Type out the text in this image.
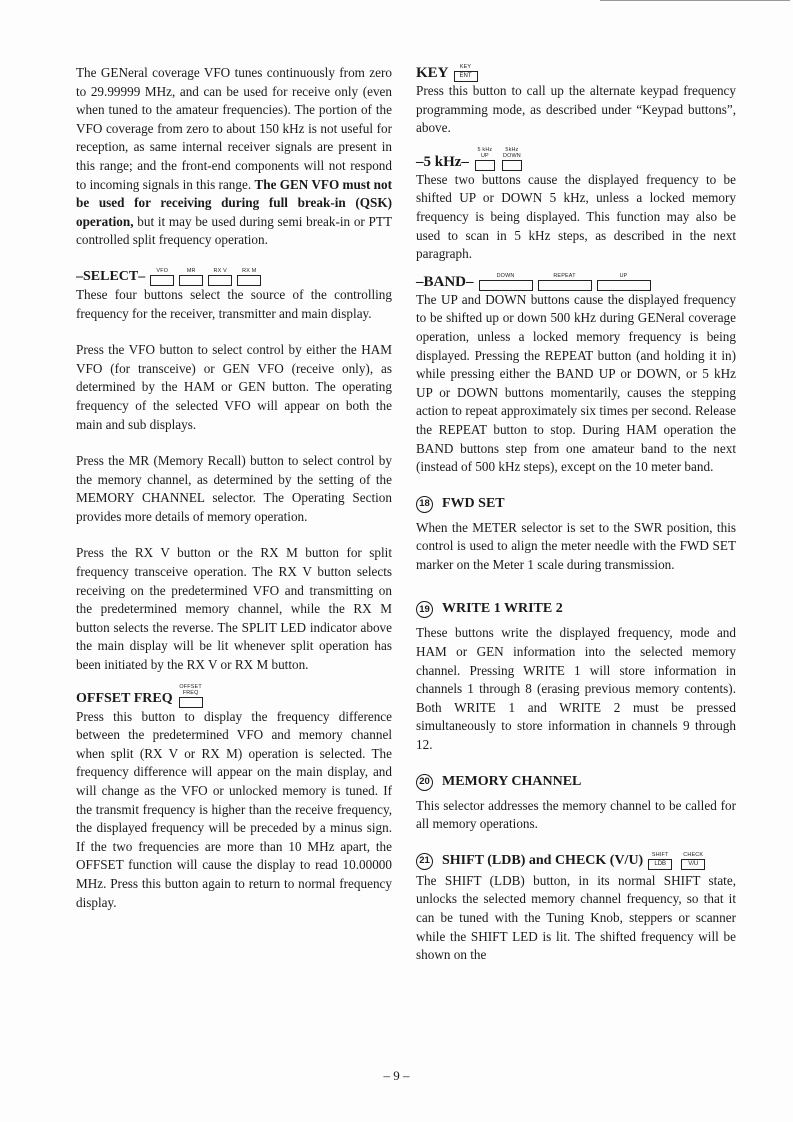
The GENeral coverage VFO tunes continuously from zero to 29.99999 MHz, and can be used for receive only (even when tuned to the amateur frequencies). The portion of the VFO coverage from zero to about 150 kHz is not useful for reception, as same internal receiver signals are present in this range; and the front-end components will not respond to incoming signals in this range. The GEN VFO must not be used for receiving during full break-in (QSK) operation, but it may be used during semi break-in or PTT controlled split frequency operation.

–SELECT– VFO	MR	RX V	RX M

These four buttons select the source of the controlling frequency for the receiver, transmitter and main display.

Press the VFO button to select control by either the HAM VFO (for transceive) or GEN VFO (receive only), as determined by the HAM or GEN button. The operating frequency of the selected VFO will appear on both the main and sub displays.

Press the MR (Memory Recall) button to select control by the memory channel, as determined by the setting of the MEMORY CHANNEL selector. The Operating Section provides more details of memory operation.

Press the RX V button or the RX M button for split frequency transceive operation. The RX V button selects receiving on the predetermined VFO and transmitting on the predetermined memory channel, while the RX M button selects the reverse. The SPLIT LED indicator above the main display will be lit whenever split operation has been initiated by the RX V or RX M button.

OFFSET FREQ
OFFSET FREQ

Press this button to display the frequency difference between the predetermined VFO and memory channel when split (RX V or RX M) operation is selected. The frequency difference will appear on the main display, and will change as the VFO or unlocked memory is tuned. If the transmit frequency is higher than the receive frequency, the displayed frequency will be preceded by a minus sign. If the two frequencies are more than 10 MHz apart, the OFFSET function will cause the display to read 10.00000 MHz. Press this button again to return to normal frequency display.

KEY KEY
ENT

Press this button to call up the alternate keypad frequency programming mode, as described under “Keypad buttons”, above.

–5 kHz–
5 kHz UP
5kHz DOWN

These two buttons cause the displayed frequency to be shifted UP or DOWN 5 kHz, unless a locked memory frequency is being displayed. This function may also be used to scan in 5 kHz steps, as described in the next paragraph.

–BAND–	DOWN	REPEAT	UP

The UP and DOWN buttons cause the displayed frequency to be shifted up or down 500 kHz during GENeral coverage operation, unless a locked memory frequency is being displayed. Pressing the REPEAT button (and holding it in) while pressing either the BAND UP or DOWN, or 5 kHz UP or DOWN buttons momentarily, causes the stepping action to repeat approximately six times per second. Release the REPEAT button to stop. During HAM operation the BAND buttons step from one amateur band to the next (instead of 500 kHz steps), except on the 10 meter band.

18 FWD SET

When the METER selector is set to the SWR position, this control is used to align the meter needle with the FWD SET marker on the Meter 1 scale during transmission.

19 WRITE 1 WRITE 2

These buttons write the displayed frequency, mode and HAM or GEN information into the selected memory channel. Pressing WRITE 1 will store information in channels 1 through 8 (erasing previous memory contents). Both WRITE 1 and WRITE 2 must be pressed simultaneously to store information in channels 9 through 12.

20 MEMORY CHANNEL

This selector addresses the memory channel to be called for all memory operations.

21 SHIFT (LDB) and CHECK (V/U) SHIFT
LDB
CHECK
V/U

The SHIFT (LDB) button, in its normal SHIFT state, unlocks the selected memory channel frequency, so that it can be tuned with the Tuning Knob, steppers or scanner while the SHIFT LED is lit. The shifted frequency will be shown on the

– 9 –
